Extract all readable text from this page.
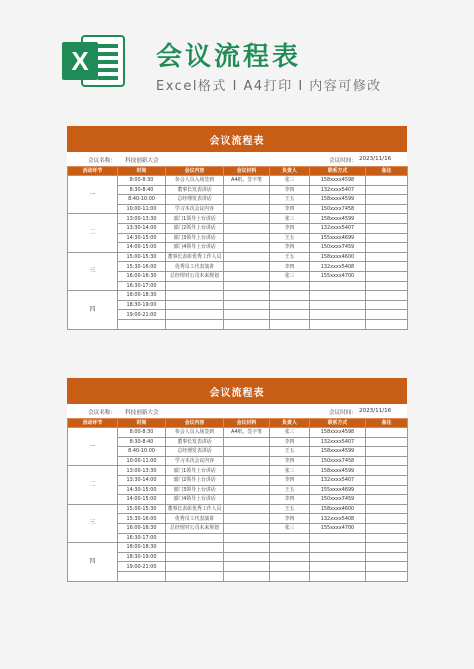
X	会议流程表
Excel格式 I A4打印 I 内容可修改
会议流程表
会议名称： 科技创新大会	会议时间： 2023/11/16
活动环节	时间	会议内容	会议材料	负责人	联系方式	备注
一	8:00-8:30	参会人员入场签到	A4纸、签字笔	张三	158xxxx4598	
	8:30-8:40	董事长发表讲话		李四	132xxxx5407	
	8:40-10:00	总经理发表讲话		王五	158xxxx4599	
	10:00-11:00	学习本次会议内容		李四	150xxxx7458	
二	13:00-13:30	部门1领导上台讲话		张三	158xxxx4599	
	13:30-14:00	部门2领导上台讲话		李四	132xxxx5407	
	14:30-15:00	部门3领导上台讲话		王五	155xxxx4699	
	14:00-15:00	部门4领导上台讲话		李四	150xxxx7459	
三	15:00-15:30	董事长表彰优秀工作人员		王五	158xxxx4600	
	15:30-16:00	优秀员工代表演讲		李四	132xxxx5408	
	16:00-16:30	总经理对公司未来规划		张三	155xxxx4700	
	16:30-17:00					
四	18:00-18:30					
	18:30-19:00					
	19:00-21:00					

会议流程表
会议名称： 科技创新大会	会议时间： 2023/11/16
活动环节	时间	会议内容	会议材料	负责人	联系方式	备注
一	8:00-8:30	参会人员入场签到	A4纸、签字笔	张三	158xxxx4598	
	8:30-8:40	董事长发表讲话		李四	132xxxx5407	
	8:40-10:00	总经理发表讲话		王五	158xxxx4599	
	10:00-11:00	学习本次会议内容		李四	150xxxx7458	
二	13:00-13:30	部门1领导上台讲话		张三	158xxxx4599	
	13:30-14:00	部门2领导上台讲话		李四	132xxxx5407	
	14:30-15:00	部门3领导上台讲话		王五	155xxxx4699	
	14:00-15:00	部门4领导上台讲话		李四	150xxxx7459	
三	15:00-15:30	董事长表彰优秀工作人员		王五	158xxxx4600	
	15:30-16:00	优秀员工代表演讲		李四	132xxxx5408	
	16:00-16:30	总经理对公司未来规划		张三	155xxxx4700	
	16:30-17:00					
四	18:00-18:30					
	18:30-19:00					
	19:00-21:00					
